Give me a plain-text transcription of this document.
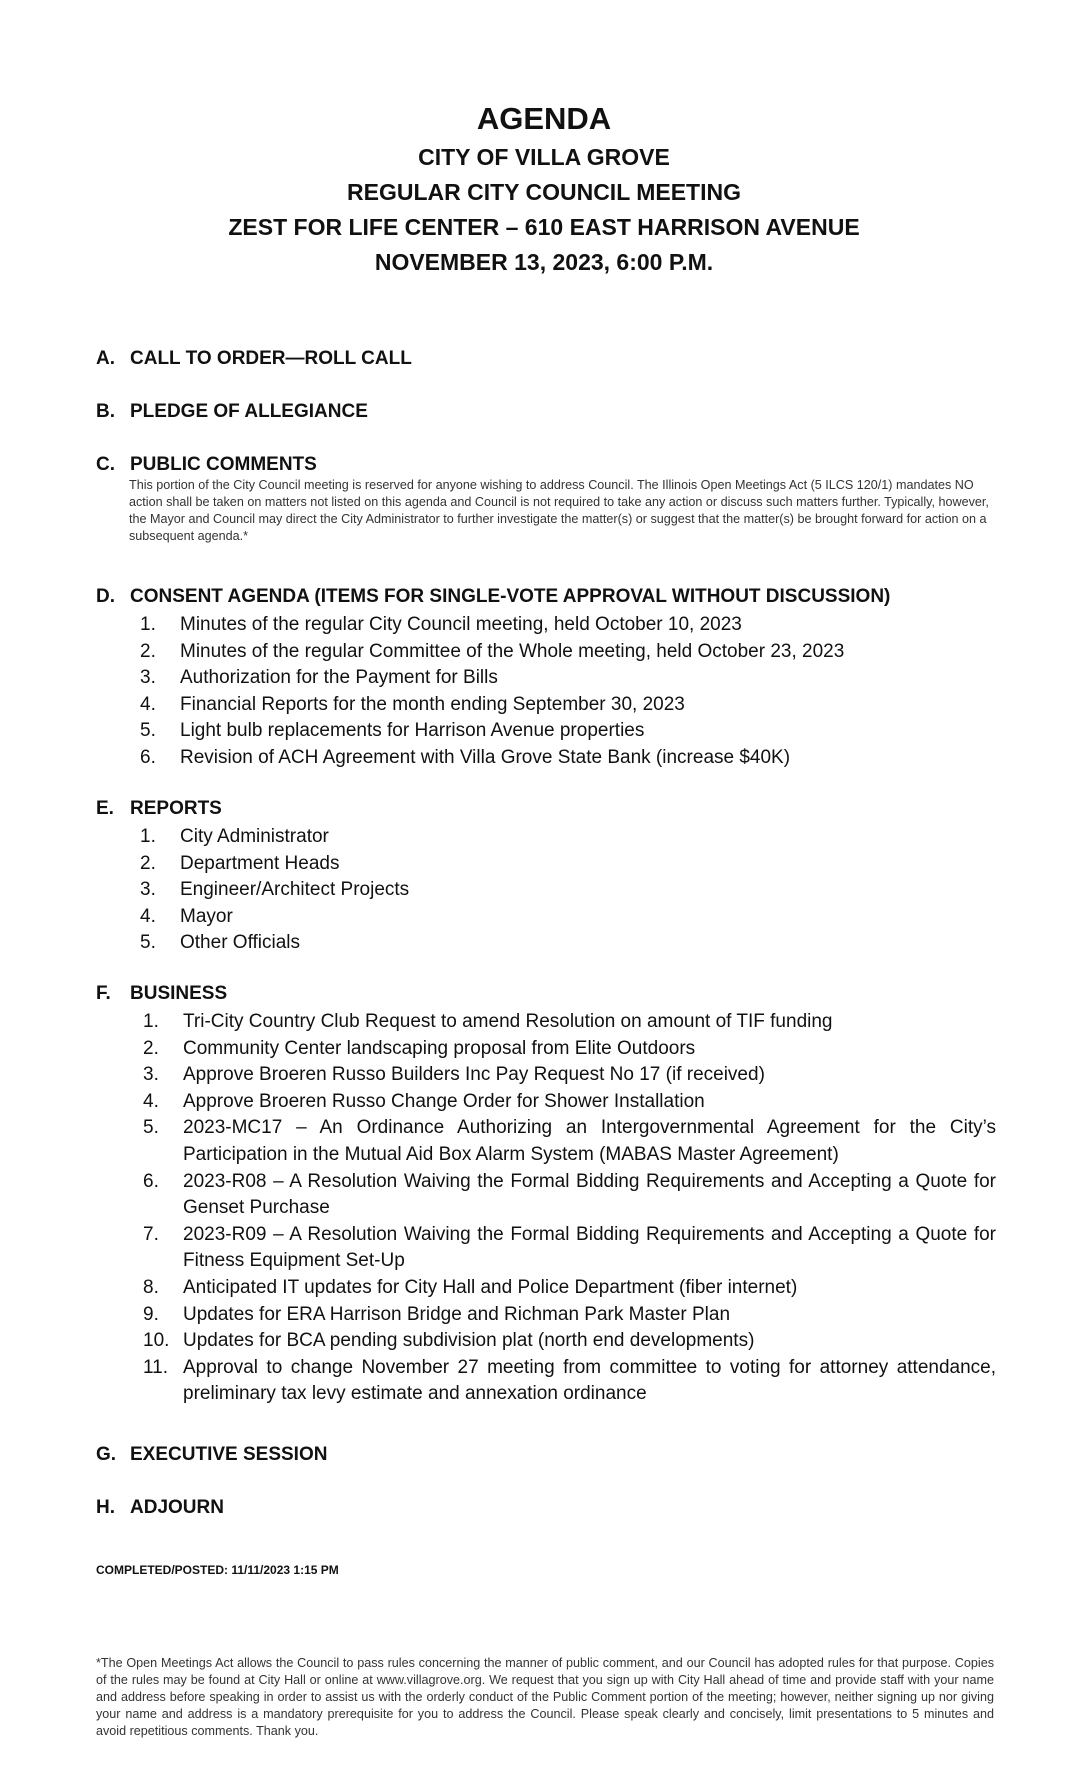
AGENDA
CITY OF VILLA GROVE
REGULAR CITY COUNCIL MEETING
ZEST FOR LIFE CENTER – 610 EAST HARRISON AVENUE
NOVEMBER 13, 2023, 6:00 P.M.
A. CALL TO ORDER—ROLL CALL
B. PLEDGE OF ALLEGIANCE
C. PUBLIC COMMENTS
This portion of the City Council meeting is reserved for anyone wishing to address Council. The Illinois Open Meetings Act (5 ILCS 120/1) mandates NO action shall be taken on matters not listed on this agenda and Council is not required to take any action or discuss such matters further. Typically, however, the Mayor and Council may direct the City Administrator to further investigate the matter(s) or suggest that the matter(s) be brought forward for action on a subsequent agenda.*
D. CONSENT AGENDA (ITEMS FOR SINGLE-VOTE APPROVAL WITHOUT DISCUSSION)
1.	Minutes of the regular City Council meeting, held October 10, 2023
2.	Minutes of the regular Committee of the Whole meeting, held October 23, 2023
3.	Authorization for the Payment for Bills
4.	Financial Reports for the month ending September 30, 2023
5.	Light bulb replacements for Harrison Avenue properties
6.	Revision of ACH Agreement with Villa Grove State Bank (increase $40K)
E. REPORTS
1.	City Administrator
2.	Department Heads
3.	Engineer/Architect Projects
4.	Mayor
5.	Other Officials
F. BUSINESS
1.	Tri-City Country Club Request to amend Resolution on amount of TIF funding
2.	Community Center landscaping proposal from Elite Outdoors
3.	Approve Broeren Russo Builders Inc Pay Request No 17 (if received)
4.	Approve Broeren Russo Change Order for Shower Installation
5.	2023-MC17 – An Ordinance Authorizing an Intergovernmental Agreement for the City’s Participation in the Mutual Aid Box Alarm System (MABAS Master Agreement)
6.	2023-R08 – A Resolution Waiving the Formal Bidding Requirements and Accepting a Quote for Genset Purchase
7.	2023-R09 – A Resolution Waiving the Formal Bidding Requirements and Accepting a Quote for Fitness Equipment Set-Up
8.	Anticipated IT updates for City Hall and Police Department (fiber internet)
9.	Updates for ERA Harrison Bridge and Richman Park Master Plan
10. Updates for BCA pending subdivision plat (north end developments)
11. Approval to change November 27 meeting from committee to voting for attorney attendance, preliminary tax levy estimate and annexation ordinance
G. EXECUTIVE SESSION
H. ADJOURN
COMPLETED/POSTED: 11/11/2023 1:15 PM
*The Open Meetings Act allows the Council to pass rules concerning the manner of public comment, and our Council has adopted rules for that purpose. Copies of the rules may be found at City Hall or online at www.villagrove.org. We request that you sign up with City Hall ahead of time and provide staff with your name and address before speaking in order to assist us with the orderly conduct of the Public Comment portion of the meeting; however, neither signing up nor giving your name and address is a mandatory prerequisite for you to address the Council. Please speak clearly and concisely, limit presentations to 5 minutes and avoid repetitious comments. Thank you.
